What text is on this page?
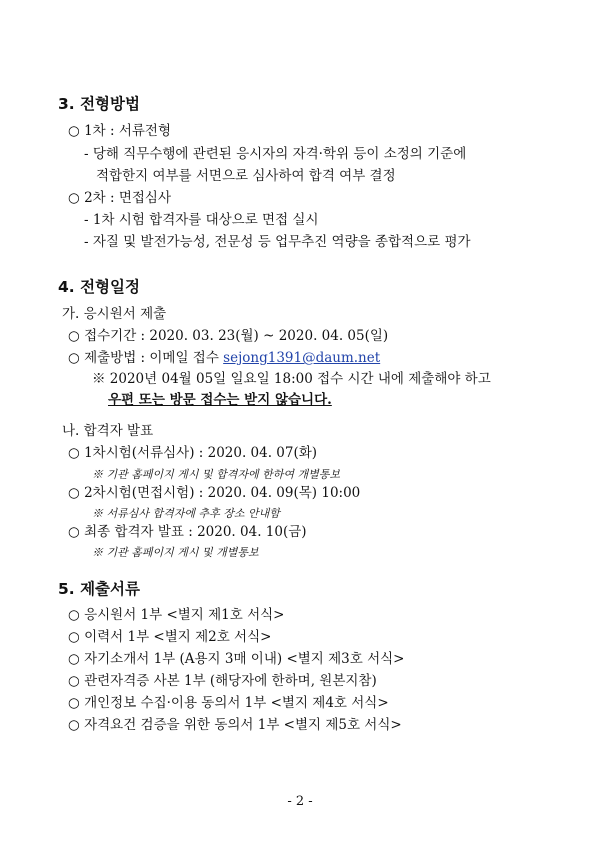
3. 전형방법
○ 1차 : 서류전형
- 당해 직무수행에 관련된 응시자의 자격·학위 등이 소정의 기준에
적합한지 여부를 서면으로 심사하여 합격 여부 결정
○ 2차 : 면접심사
- 1차 시험 합격자를 대상으로 면접 실시
- 자질 및 발전가능성, 전문성 등 업무추진 역량을 종합적으로 평가
4. 전형일정
가. 응시원서 제출
○ 접수기간 : 2020. 03. 23(월) ~ 2020. 04. 05(일)
○ 제출방법 : 이메일 접수 sejong1391@daum.net
※ 2020년 04월 05일 일요일 18:00 접수 시간 내에 제출해야 하고
우편 또는 방문 접수는 받지 않습니다.
나. 합격자 발표
○ 1차시험(서류심사) : 2020. 04. 07(화)
※ 기관 홈페이지 게시 및 합격자에 한하여 개별통보
○ 2차시험(면접시험) : 2020. 04. 09(목) 10:00
※ 서류심사 합격자에 추후 장소 안내함
○ 최종 합격자 발표 : 2020. 04. 10(금)
※ 기관 홈페이지 게시 및 개별통보
5. 제출서류
○ 응시원서 1부 <별지 제1호 서식>
○ 이력서 1부 <별지 제2호 서식>
○ 자기소개서 1부 (A용지 3매 이내) <별지 제3호 서식>
○ 관련자격증 사본 1부 (해당자에 한하며, 원본지참)
○ 개인정보 수집·이용 동의서 1부 <별지 제4호 서식>
○ 자격요건 검증을 위한 동의서 1부 <별지 제5호 서식>
- 2 -
